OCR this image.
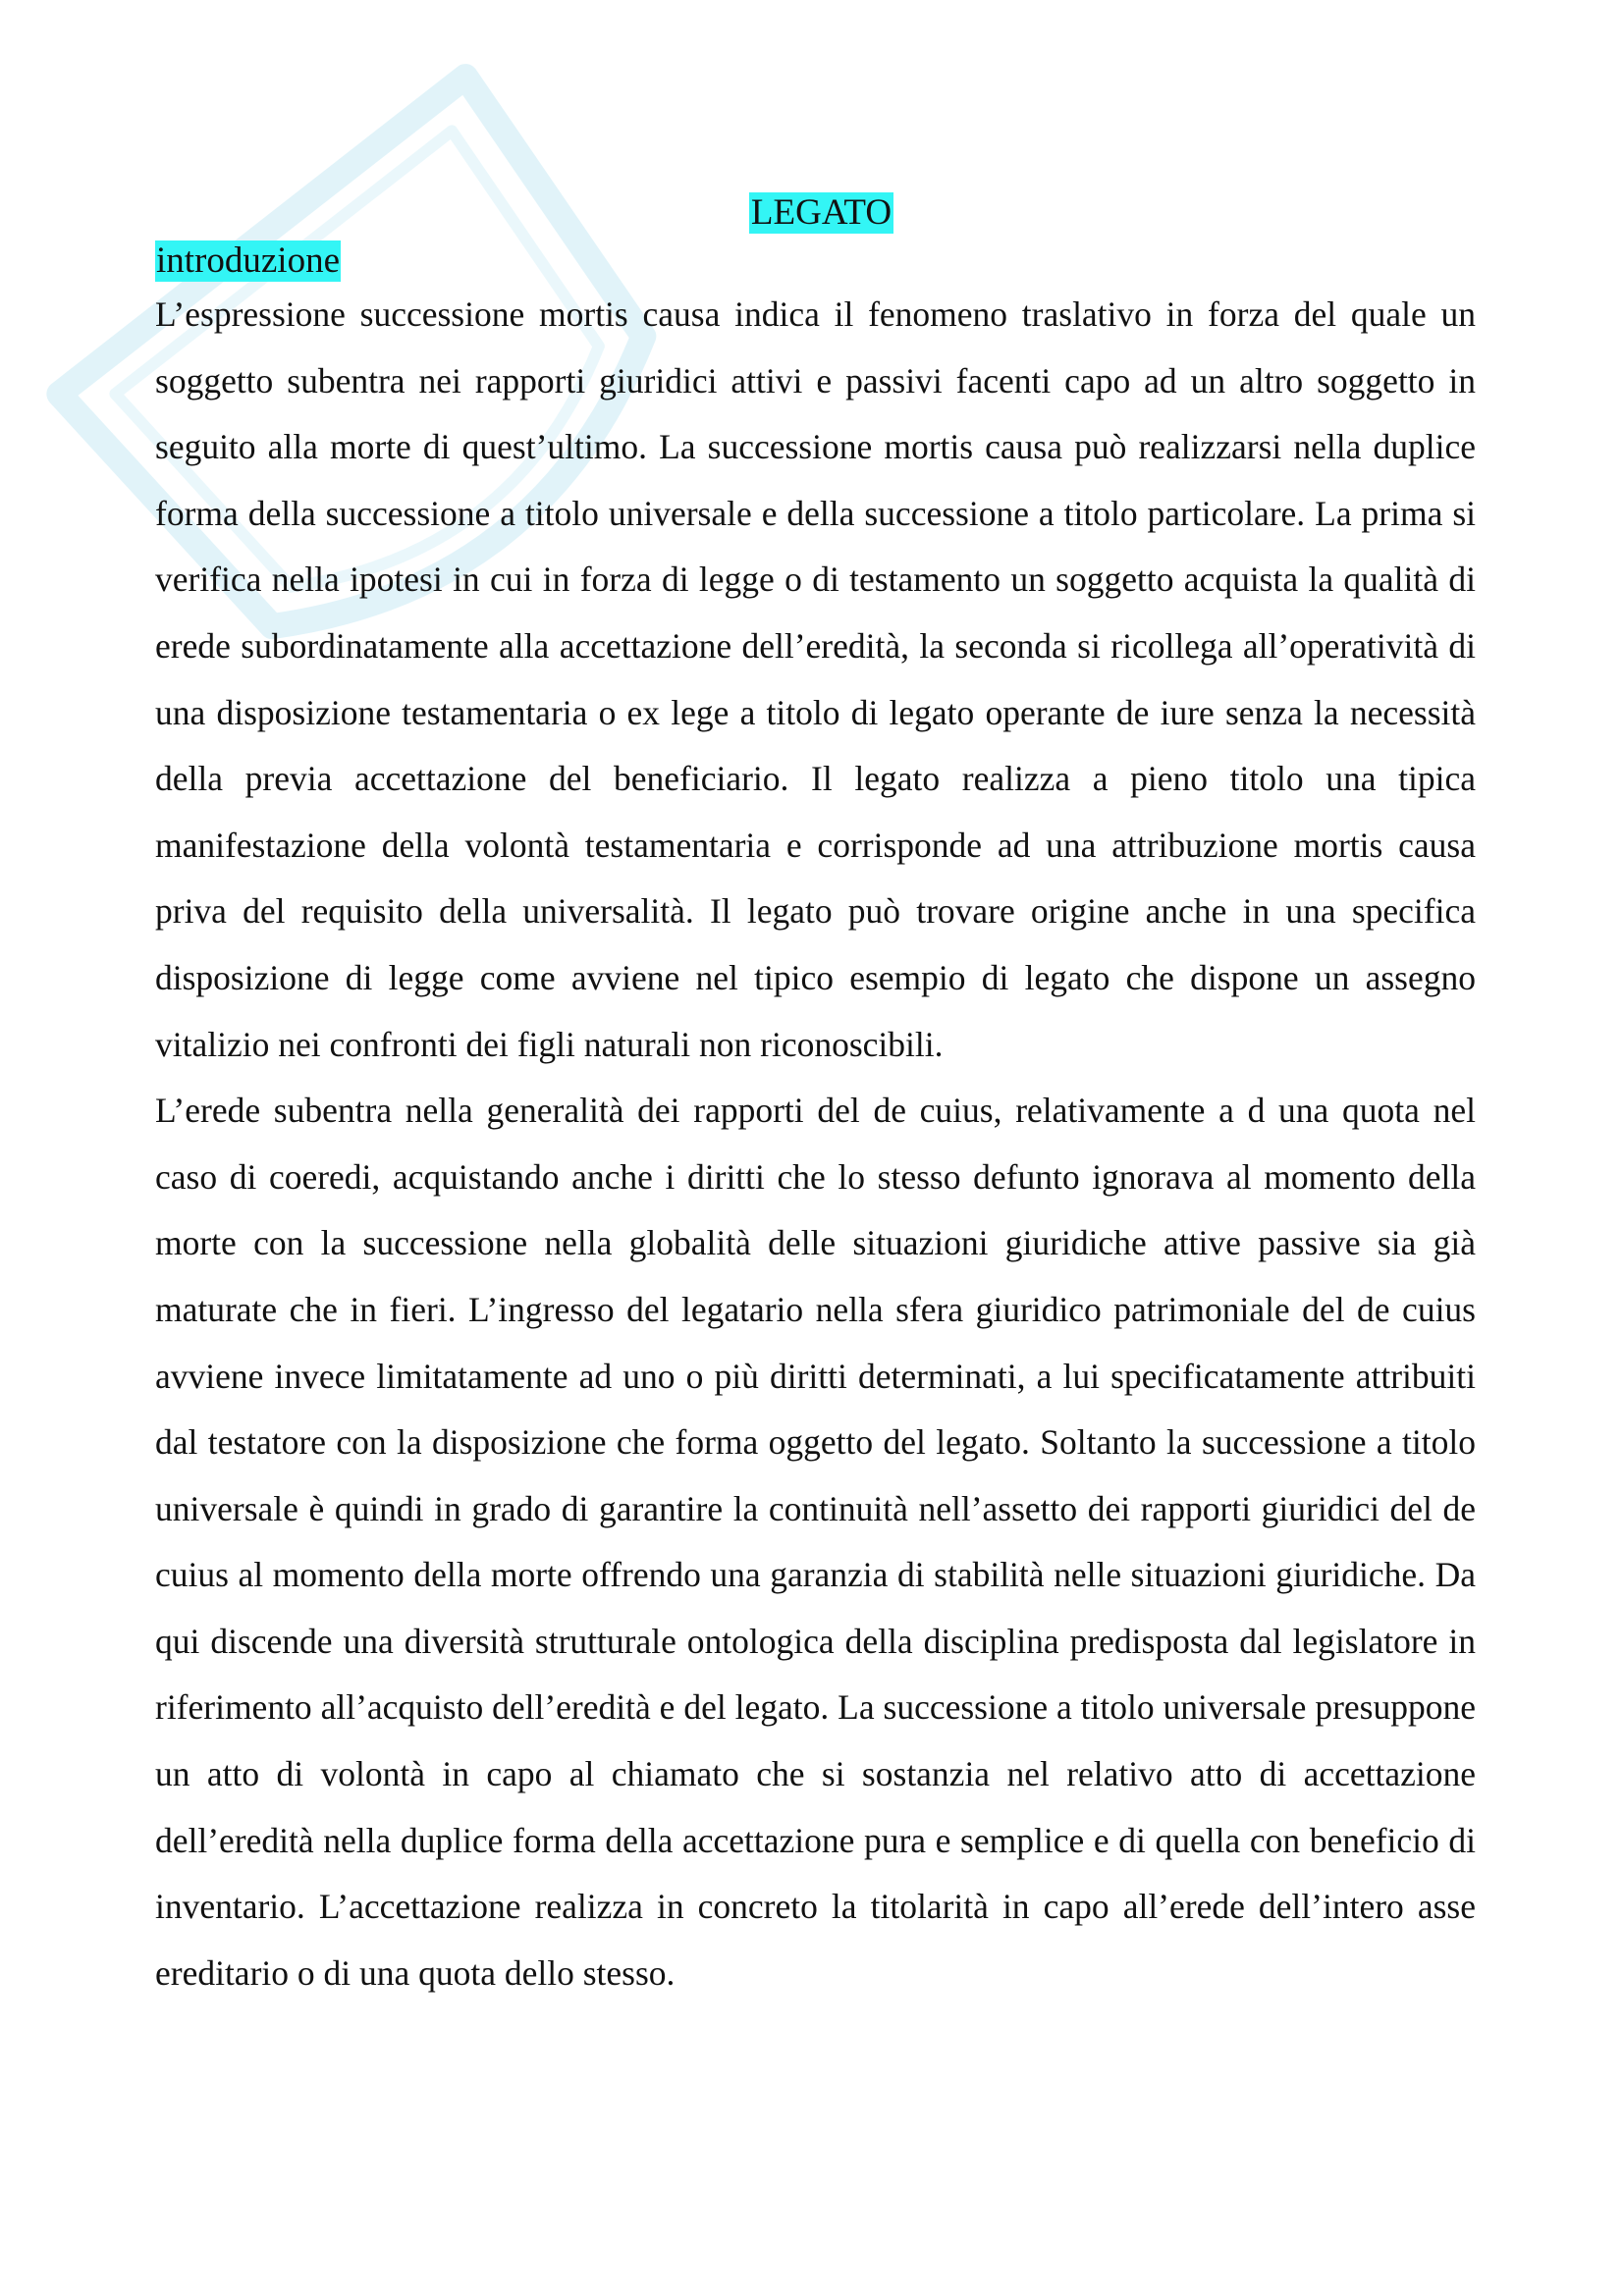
LEGATO
introduzione

L’espressione successione mortis causa indica il fenomeno traslativo in forza del quale un soggetto subentra nei rapporti giuridici attivi e passivi facenti capo ad un altro soggetto in seguito alla morte di quest’ultimo. La successione mortis causa può realizzarsi nella duplice forma della successione a titolo universale e della successione a titolo particolare. La prima si verifica nella ipotesi in cui in forza di legge o di testamento un soggetto acquista la qualità di erede subordinatamente alla accettazione dell’eredità, la seconda si ricollega all’operatività di una disposizione testamentaria o ex lege a titolo di legato operante de iure senza la necessità della previa accettazione del beneficiario. Il legato realizza a pieno titolo una tipica manifestazione della volontà testamentaria e corrisponde ad una attribuzione mortis causa priva del requisito della universalità. Il legato può trovare origine anche in una specifica disposizione di legge come avviene nel tipico esempio di legato che dispone un assegno vitalizio nei confronti dei figli naturali non riconoscibili.

L’erede subentra nella generalità dei rapporti del de cuius, relativamente a d una quota nel caso di coeredi, acquistando anche i diritti che lo stesso defunto ignorava al momento della morte con la successione nella globalità delle situazioni giuridiche attive passive sia già maturate che in fieri. L’ingresso del legatario nella sfera giuridico patrimoniale del de cuius avviene invece limitatamente ad uno o più diritti determinati, a lui specificatamente attribuiti dal testatore con la disposizione che forma oggetto del legato. Soltanto la successione a titolo universale è quindi in grado di garantire la continuità nell’assetto dei rapporti giuridici del de cuius al momento della morte offrendo una garanzia di stabilità nelle situazioni giuridiche. Da qui discende una diversità strutturale ontologica della disciplina predisposta dal legislatore in riferimento all’acquisto dell’eredità e del legato. La successione a titolo universale presuppone un atto di volontà in capo al chiamato che si sostanzia nel relativo atto di accettazione dell’eredità nella duplice forma della accettazione pura e semplice e di quella con beneficio di inventario. L’accettazione realizza in concreto la titolarità in capo all’erede dell’intero asse ereditario o di una quota dello stesso.
